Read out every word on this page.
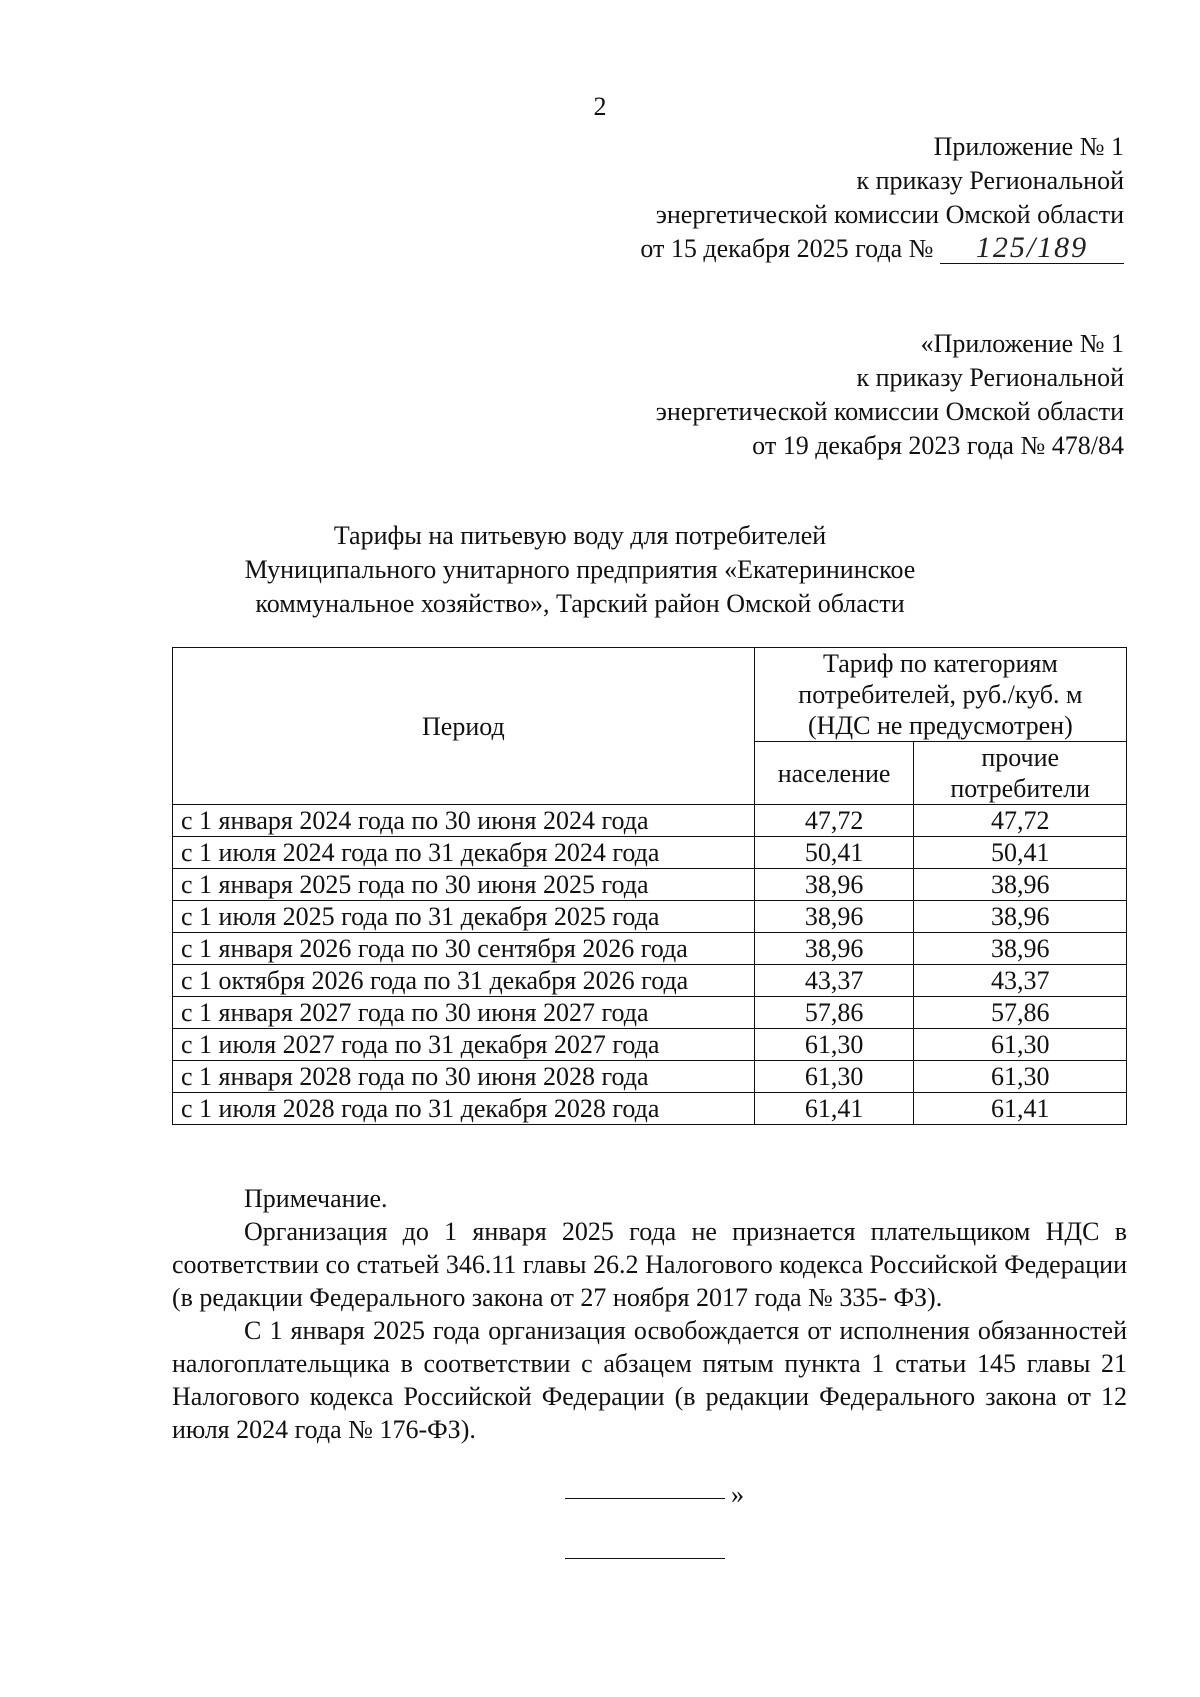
2
Приложение № 1
к приказу Региональной
энергетической комиссии Омской области
от 15 декабря 2025 года № 125/189
«Приложение № 1
к приказу Региональной
энергетической комиссии Омской области
от 19 декабря 2023 года № 478/84
Тарифы на питьевую воду для потребителей
Муниципального унитарного предприятия «Екатерининское
коммунальное хозяйство», Тарский район Омской области
Период	Тариф по категориям
потребителей, руб./куб. м
(НДС не предусмотрен)	

	население	прочие
потребители

с 1 января 2024 года по 30 июня 2024 года	47,72	47,72
с 1 июля 2024 года по 31 декабря 2024 года	50,41	50,41
с 1 января 2025 года по 30 июня 2025 года	38,96	38,96
с 1 июля 2025 года по 31 декабря 2025 года	38,96	38,96
с 1 января 2026 года по 30 сентября 2026 года	38,96	38,96
с 1 октября 2026 года по 31 декабря 2026 года	43,37	43,37
с 1 января 2027 года по 30 июня 2027 года	57,86	57,86
с 1 июля 2027 года по 31 декабря 2027 года	61,30	61,30
с 1 января 2028 года по 30 июня 2028 года	61,30	61,30
с 1 июля 2028 года по 31 декабря 2028 года	61,41	61,41

Примечание.

Организация до 1 января 2025 года не признается плательщиком НДС в соответствии со статьей 346.11 главы 26.2 Налогового кодекса Российской Федерации (в редакции Федерального закона от 27 ноября 2017 года № 335- ФЗ).

С 1 января 2025 года организация освобождается от исполнения обязанностей налогоплательщика в соответствии с абзацем пятым пункта 1 статьи 145 главы 21 Налогового кодекса Российской Федерации (в редакции Федерального закона от 12 июля 2024 года № 176-ФЗ).

»
